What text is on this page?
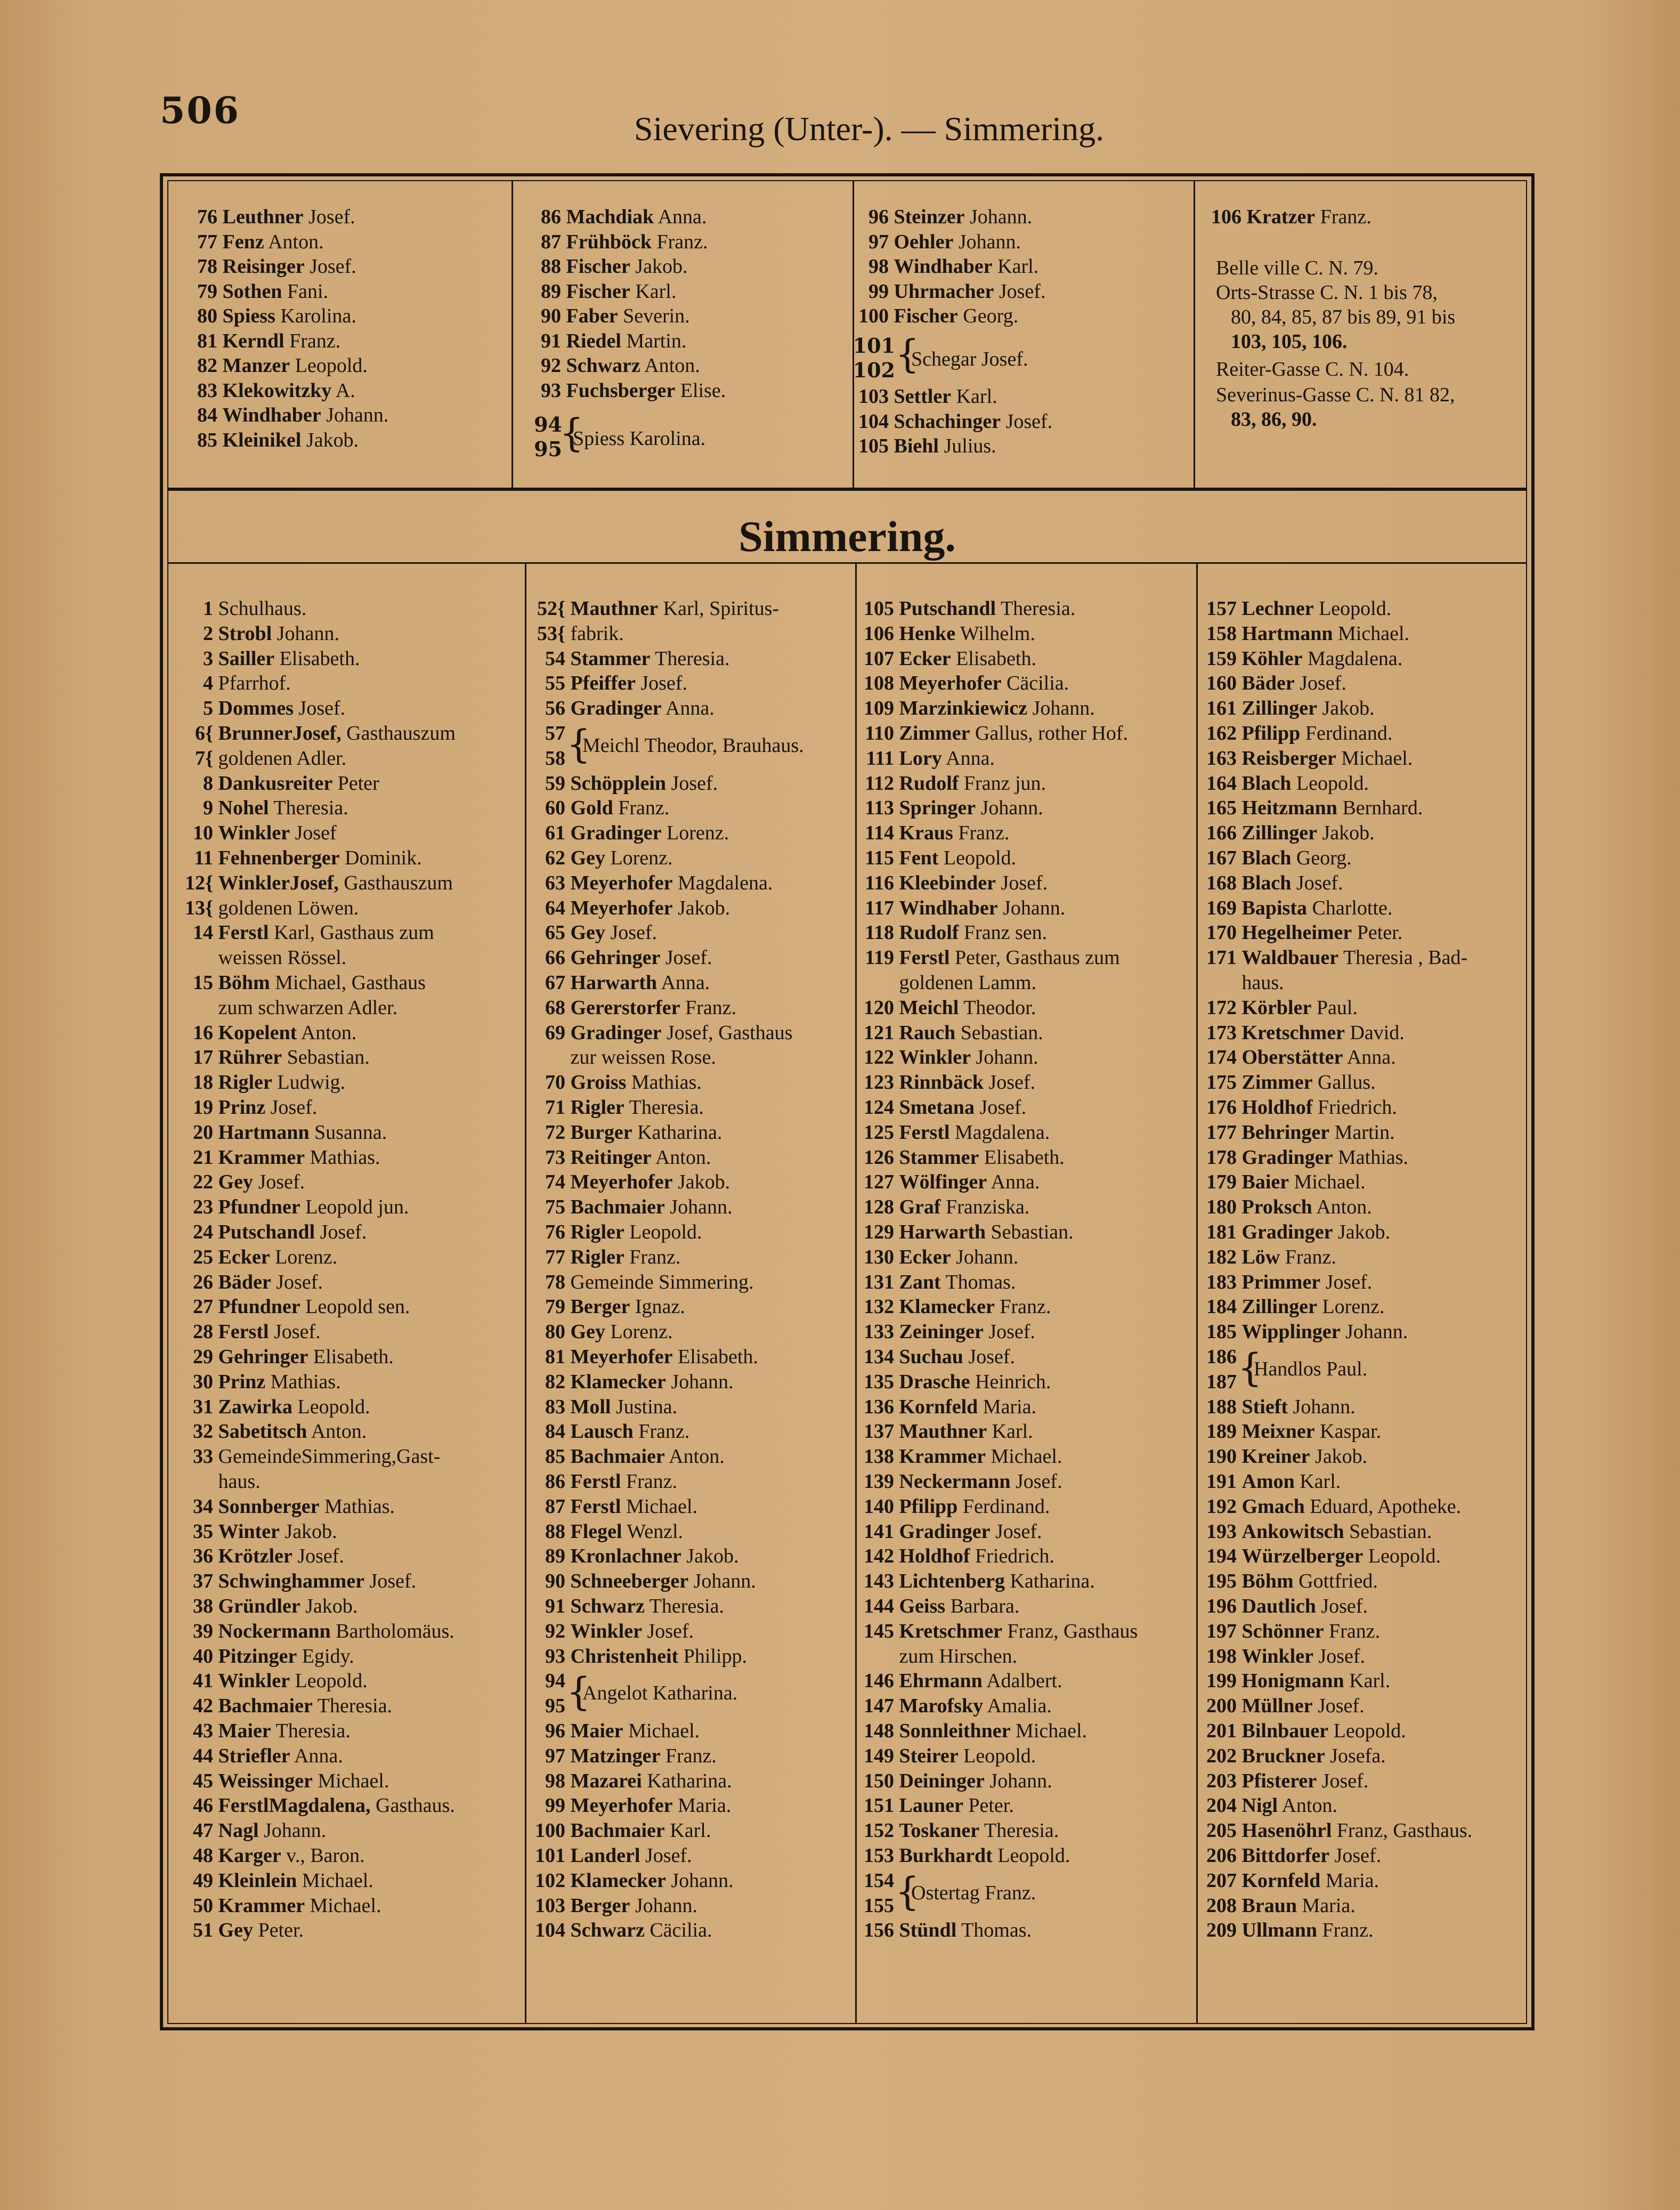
506	Sievering (Unter-). — Simmering.
Simmering.
76 Leuthner Josef.
77 Fenz Anton.
78 Reisinger Josef.
79 Sothen Fani.
80 Spiess Karolina.
81 Kerndl Franz.
82 Manzer Leopold.
83 Klekowitzky A.
84 Windhaber Johann.
85 Kleinikel Jakob.
86 Machdiak Anna.
87 Frühböck Franz.
88 Fischer Jakob.
89 Fischer Karl.
90 Faber Severin.
91 Riedel Martin.
92 Schwarz Anton.
93 Fuchsberger Elise.
96 Steinzer Johann.
97 Oehler Johann.
98 Windhaber Karl.
99 Uhrmacher Josef.
100 Fischer Georg.
106 Kratzer Franz.
94
95
{
Spiess Karolina.
101
102 {
Schegar Josef.
103 Settler Karl.
104 Schachinger Josef.
105 Biehl Julius.
Belle ville C. N. 79.
Orts-Strasse C. N. 1 bis 78,
80, 84, 85, 87 bis 89, 91 bis
103, 105, 106.
Reiter-Gasse C. N. 104.
Severinus-Gasse C. N. 81 82,
83, 86, 90.
1 Schulhaus.
2 Strobl Johann.
3 Sailler Elisabeth.
4 Pfarrhof.
5 Dommes Josef.
6{ BrunnerJosef, Gasthauszum
7{ goldenen Adler.
8 Dankusreiter Peter
9 Nohel Theresia.
10 Winkler Josef
11 Fehnenberger Dominik.
12{ WinklerJosef, Gasthauszum
13{ goldenen Löwen.
14 Ferstl Karl, Gasthaus zum
weissen Rössel.
15 Böhm Michael, Gasthaus
zum schwarzen Adler.
16 Kopelent Anton.
17 Rührer Sebastian.
18 Rigler Ludwig.
19 Prinz Josef.
20 Hartmann Susanna.
21 Krammer Mathias.
22 Gey Josef.
23 Pfundner Leopold jun.
24 Putschandl Josef.
25 Ecker Lorenz.
26 Bäder Josef.
27 Pfundner Leopold sen.
28 Ferstl Josef.
29 Gehringer Elisabeth.
30 Prinz Mathias.
31 Zawirka Leopold.
32 Sabetitsch Anton.
33 GemeindeSimmering,Gast-
haus.
34 Sonnberger Mathias.
35 Winter Jakob.
36 Krötzler Josef.
37 Schwinghammer Josef.
38 Gründler Jakob.
39 Nockermann Bartholomäus.
40 Pitzinger Egidy.
41 Winkler Leopold.
42 Bachmaier Theresia.
43 Maier Theresia.
44 Striefler Anna.
45 Weissinger Michael.
46 FerstlMagdalena, Gasthaus.
47 Nagl Johann.
48 Karger v., Baron.
49 Kleinlein Michael.
50 Krammer Michael.
51 Gey Peter.
52{ Mauthner Karl, Spiritus-
53{ fabrik.
54 Stammer Theresia.
55 Pfeiffer Josef.
56 Gradinger Anna.
59 Schöpplein Josef.
60 Gold Franz.
61 Gradinger Lorenz.
62 Gey Lorenz.
63 Meyerhofer Magdalena.
64 Meyerhofer Jakob.
65 Gey Josef.
66 Gehringer Josef.
67 Harwarth Anna.
68 Gererstorfer Franz.
69 Gradinger Josef, Gasthaus
zur weissen Rose.
70 Groiss Mathias.
71 Rigler Theresia.
72 Burger Katharina.
73 Reitinger Anton.
74 Meyerhofer Jakob.
75 Bachmaier Johann.
76 Rigler Leopold.
77 Rigler Franz.
78 Gemeinde Simmering.
79 Berger Ignaz.
80 Gey Lorenz.
81 Meyerhofer Elisabeth.
82 Klamecker Johann.
83 Moll Justina.
84 Lausch Franz.
85 Bachmaier Anton.
86 Ferstl Franz.
87 Ferstl Michael.
88 Flegel Wenzl.
89 Kronlachner Jakob.
90 Schneeberger Johann.
91 Schwarz Theresia.
92 Winkler Josef.
93 Christenheit Philipp.
96 Maier Michael.
97 Matzinger Franz.
98 Mazarei Katharina.
99 Meyerhofer Maria.
100 Bachmaier Karl.
101 Landerl Josef.
102 Klamecker Johann.
103 Berger Johann.
104 Schwarz Cäcilia.
105 Putschandl Theresia.
106 Henke Wilhelm.
107 Ecker Elisabeth.
108 Meyerhofer Cäcilia.
109 Marzinkiewicz Johann.
110 Zimmer Gallus, rother Hof.
111 Lory Anna.
112 Rudolf Franz jun.
113 Springer Johann.
114 Kraus Franz.
115 Fent Leopold.
116 Kleebinder Josef.
117 Windhaber Johann.
118 Rudolf Franz sen.
119 Ferstl Peter, Gasthaus zum
goldenen Lamm.
120 Meichl Theodor.
121 Rauch Sebastian.
122 Winkler Johann.
123 Rinnbäck Josef.
124 Smetana Josef.
125 Ferstl Magdalena.
126 Stammer Elisabeth.
127 Wölfinger Anna.
128 Graf Franziska.
129 Harwarth Sebastian.
130 Ecker Johann.
131 Zant Thomas.
132 Klamecker Franz.
133 Zeininger Josef.
134 Suchau Josef.
135 Drasche Heinrich.
136 Kornfeld Maria.
137 Mauthner Karl.
138 Krammer Michael.
139 Neckermann Josef.
140 Pfilipp Ferdinand.
141 Gradinger Josef.
142 Holdhof Friedrich.
143 Lichtenberg Katharina.
144 Geiss Barbara.
145 Kretschmer Franz, Gasthaus
zum Hirschen.
146 Ehrmann Adalbert.
147 Marofsky Amalia.
148 Sonnleithner Michael.
149 Steirer Leopold.
150 Deininger Johann.
151 Launer Peter.
152 Toskaner Theresia.
153 Burkhardt Leopold.
156 Stündl Thomas.
157 Lechner Leopold.
158 Hartmann Michael.
159 Köhler Magdalena.
160 Bäder Josef.
161 Zillinger Jakob.
162 Pfilipp Ferdinand.
163 Reisberger Michael.
164 Blach Leopold.
165 Heitzmann Bernhard.
166 Zillinger Jakob.
167 Blach Georg.
168 Blach Josef.
169 Bapista Charlotte.
170 Hegelheimer Peter.
171 Waldbauer Theresia , Bad-
haus.
172 Körbler Paul.
173 Kretschmer David.
174 Oberstätter Anna.
175 Zimmer Gallus.
176 Holdhof Friedrich.
177 Behringer Martin.
178 Gradinger Mathias.
179 Baier Michael.
180 Proksch Anton.
181 Gradinger Jakob.
182 Löw Franz.
183 Primmer Josef.
184 Zillinger Lorenz.
185 Wipplinger Johann.
188 Stieft Johann.
189 Meixner Kaspar.
190 Kreiner Jakob.
191 Amon Karl.
192 Gmach Eduard, Apotheke.
193 Ankowitsch Sebastian.
194 Würzelberger Leopold.
195 Böhm Gottfried.
196 Dautlich Josef.
197 Schönner Franz.
198 Winkler Josef.
199 Honigmann Karl.
200 Müllner Josef.
201 Bilnbauer Leopold.
202 Bruckner Josefa.
203 Pfisterer Josef.
204 Nigl Anton.
205 Hasenöhrl Franz, Gasthaus.
206 Bittdorfer Josef.
207 Kornfeld Maria.
208 Braun Maria.
209 Ullmann Franz.
57
58 {
Meichl Theodor, Brauhaus.
94
95 {
Angelot Katharina.
154
155 {
Ostertag Franz.
186
187 {
Handlos Paul.
